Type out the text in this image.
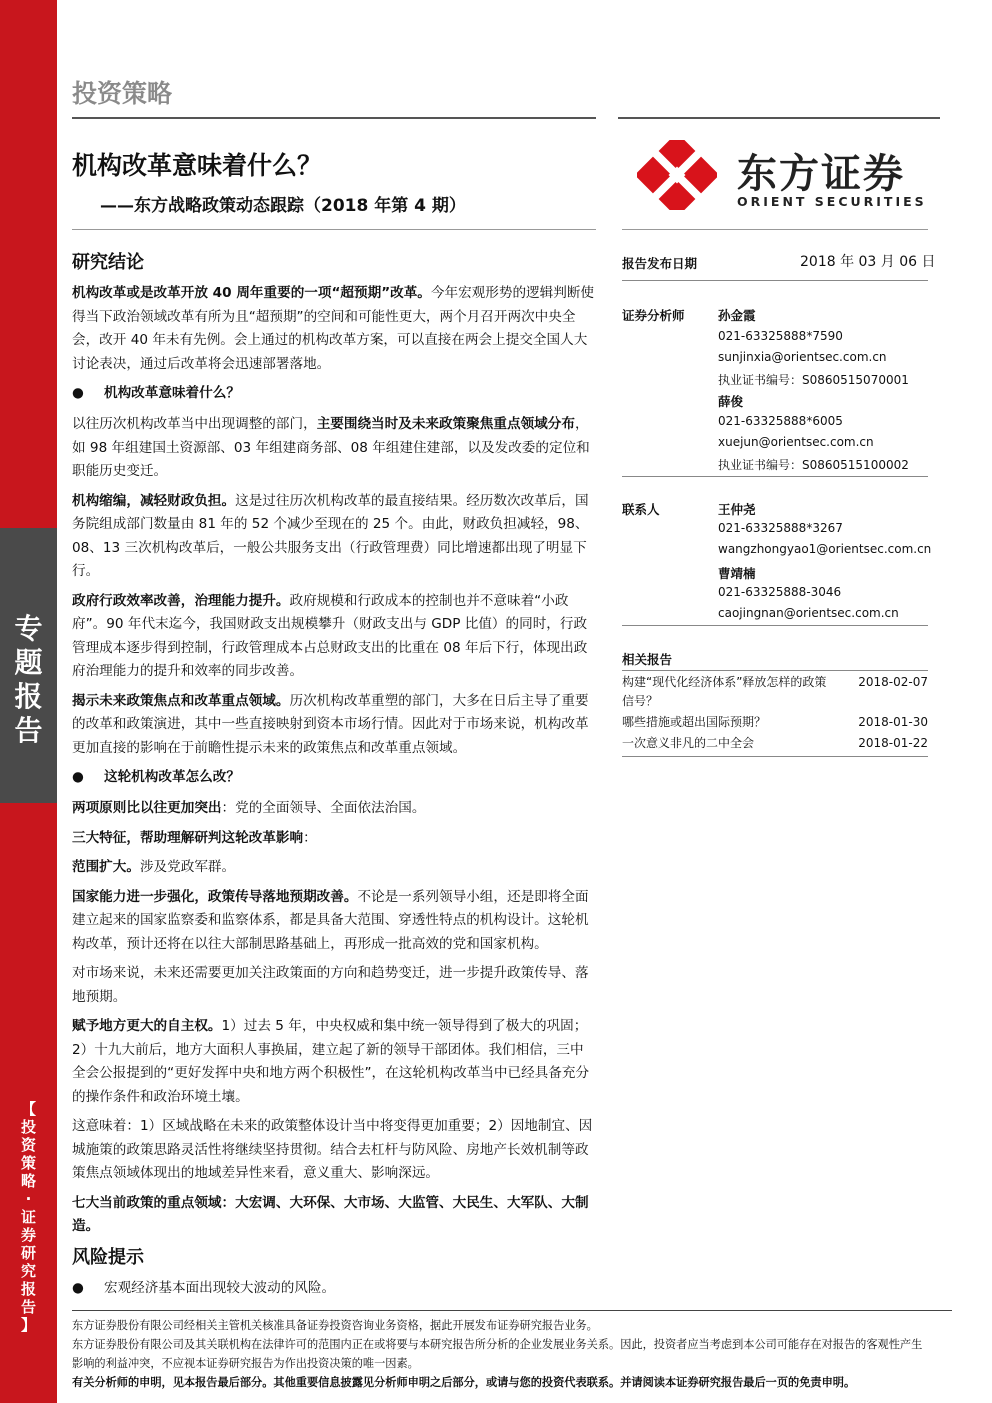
专
题
报
告
【
投
资
策
略
·
证
券
研
究
报
告
】
投资策略
机构改革意味着什么？
——东方战略政策动态跟踪（2018 年第 4 期）
东方证券
ORIENT SECURITIES
研究结论
机构改革或是改革开放 40 周年重要的一项“超预期”改革。今年宏观形势的逻辑判断使得当下政治领域改革有所为且“超预期”的空间和可能性更大，两个月召开两次中央全会，改开 40 年未有先例。会上通过的机构改革方案，可以直接在两会上提交全国人大讨论表决，通过后改革将会迅速部署落地。
● 机构改革意味着什么？
以往历次机构改革当中出现调整的部门，主要围绕当时及未来政策聚焦重点领域分布，如 98 年组建国土资源部、03 年组建商务部、08 年组建住建部，以及发改委的定位和职能历史变迁。
机构缩编，减轻财政负担。这是过往历次机构改革的最直接结果。经历数次改革后，国务院组成部门数量由 81 年的 52 个减少至现在的 25 个。由此，财政负担减轻，98、08、13 三次机构改革后，一般公共服务支出（行政管理费）同比增速都出现了明显下行。
政府行政效率改善，治理能力提升。政府规模和行政成本的控制也并不意味着“小政府”。90 年代末迄今，我国财政支出规模攀升（财政支出与 GDP 比值）的同时，行政管理成本逐步得到控制，行政管理成本占总财政支出的比重在 08 年后下行，体现出政府治理能力的提升和效率的同步改善。
揭示未来政策焦点和改革重点领域。历次机构改革重塑的部门，大多在日后主导了重要的改革和政策演进，其中一些直接映射到资本市场行情。因此对于市场来说，机构改革更加直接的影响在于前瞻性提示未来的政策焦点和改革重点领域。
● 这轮机构改革怎么改？
两项原则比以往更加突出：党的全面领导、全面依法治国。
三大特征，帮助理解研判这轮改革影响：
范围扩大。涉及党政军群。
国家能力进一步强化，政策传导落地预期改善。不论是一系列领导小组，还是即将全面建立起来的国家监察委和监察体系，都是具备大范围、穿透性特点的机构设计。这轮机构改革，预计还将在以往大部制思路基础上，再形成一批高效的党和国家机构。
对市场来说，未来还需要更加关注政策面的方向和趋势变迁，进一步提升政策传导、落地预期。
赋予地方更大的自主权。1）过去 5 年，中央权威和集中统一领导得到了极大的巩固；2）十九大前后，地方大面积人事换届，建立起了新的领导干部团体。我们相信，三中全会公报提到的“更好发挥中央和地方两个积极性”，在这轮机构改革当中已经具备充分的操作条件和政治环境土壤。
这意味着：1）区域战略在未来的政策整体设计当中将变得更加重要；2）因地制宜、因城施策的政策思路灵活性将继续坚持贯彻。结合去杠杆与防风险、房地产长效机制等政策焦点领域体现出的地域差异性来看，意义重大、影响深远。
七大当前政策的重点领域：大宏调、大环保、大市场、大监管、大民生、大军队、大制造。
风险提示
● 宏观经济基本面出现较大波动的风险。
报告发布日期	2018 年 03 月 06 日
证券分析师	孙金霞
021-63325888*7590
sunjinxia@orientsec.com.cn
执业证书编号：S0860515070001
薛俊
021-63325888*6005
xuejun@orientsec.com.cn
执业证书编号：S0860515100002
联系人	王仲尧
021-63325888*3267
wangzhongyao1@orientsec.com.cn
曹靖楠
021-63325888-3046
caojingnan@orientsec.com.cn
相关报告
构建“现代化经济体系”释放怎样的政策
信号？
2018-02-07
哪些措施或超出国际预期？	2018-01-30
一次意义非凡的二中全会	2018-01-22
东方证券股份有限公司经相关主管机关核准具备证券投资咨询业务资格，据此开展发布证券研究报告业务。
东方证券股份有限公司及其关联机构在法律许可的范围内正在或将要与本研究报告所分析的企业发展业务关系。因此，投资者应当考虑到本公司可能存在对报告的客观性产生
影响的利益冲突，不应视本证券研究报告为作出投资决策的唯一因素。
有关分析师的申明，见本报告最后部分。其他重要信息披露见分析师申明之后部分，或请与您的投资代表联系。并请阅读本证券研究报告最后一页的免责申明。
